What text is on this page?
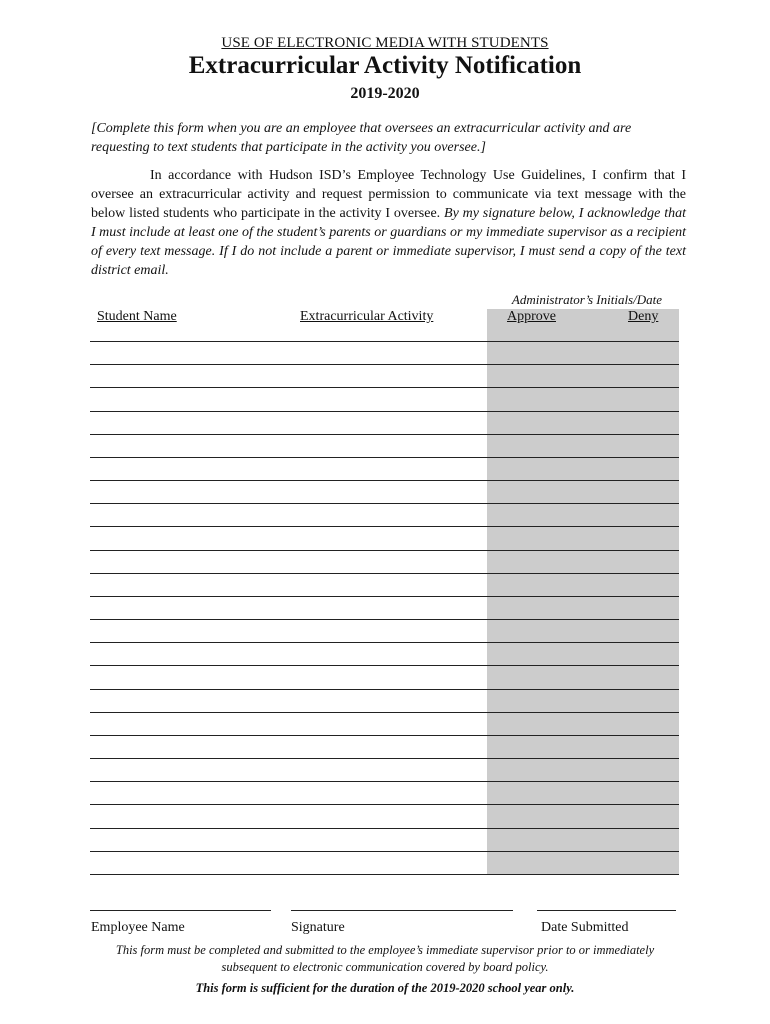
USE OF ELECTRONIC MEDIA WITH STUDENTS
Extracurricular Activity Notification
2019-2020
[Complete this form when you are an employee that oversees an extracurricular activity and are requesting to text students that participate in the activity you oversee.]
In accordance with Hudson ISD’s Employee Technology Use Guidelines, I confirm that I oversee an extracurricular activity and request permission to communicate via text message with the below listed students who participate in the activity I oversee. By my signature below, I acknowledge that I must include at least one of the student’s parents or guardians or my immediate supervisor as a recipient of every text message. If I do not include a parent or immediate supervisor, I must send a copy of the text district email.
Administrator’s Initials/Date
Student Name	Extracurricular Activity	Approve	Deny
Employee Name	Signature	Date Submitted
This form must be completed and submitted to the employee’s immediate supervisor prior to or immediately subsequent to electronic communication covered by board policy.
This form is sufficient for the duration of the 2019-2020 school year only.
